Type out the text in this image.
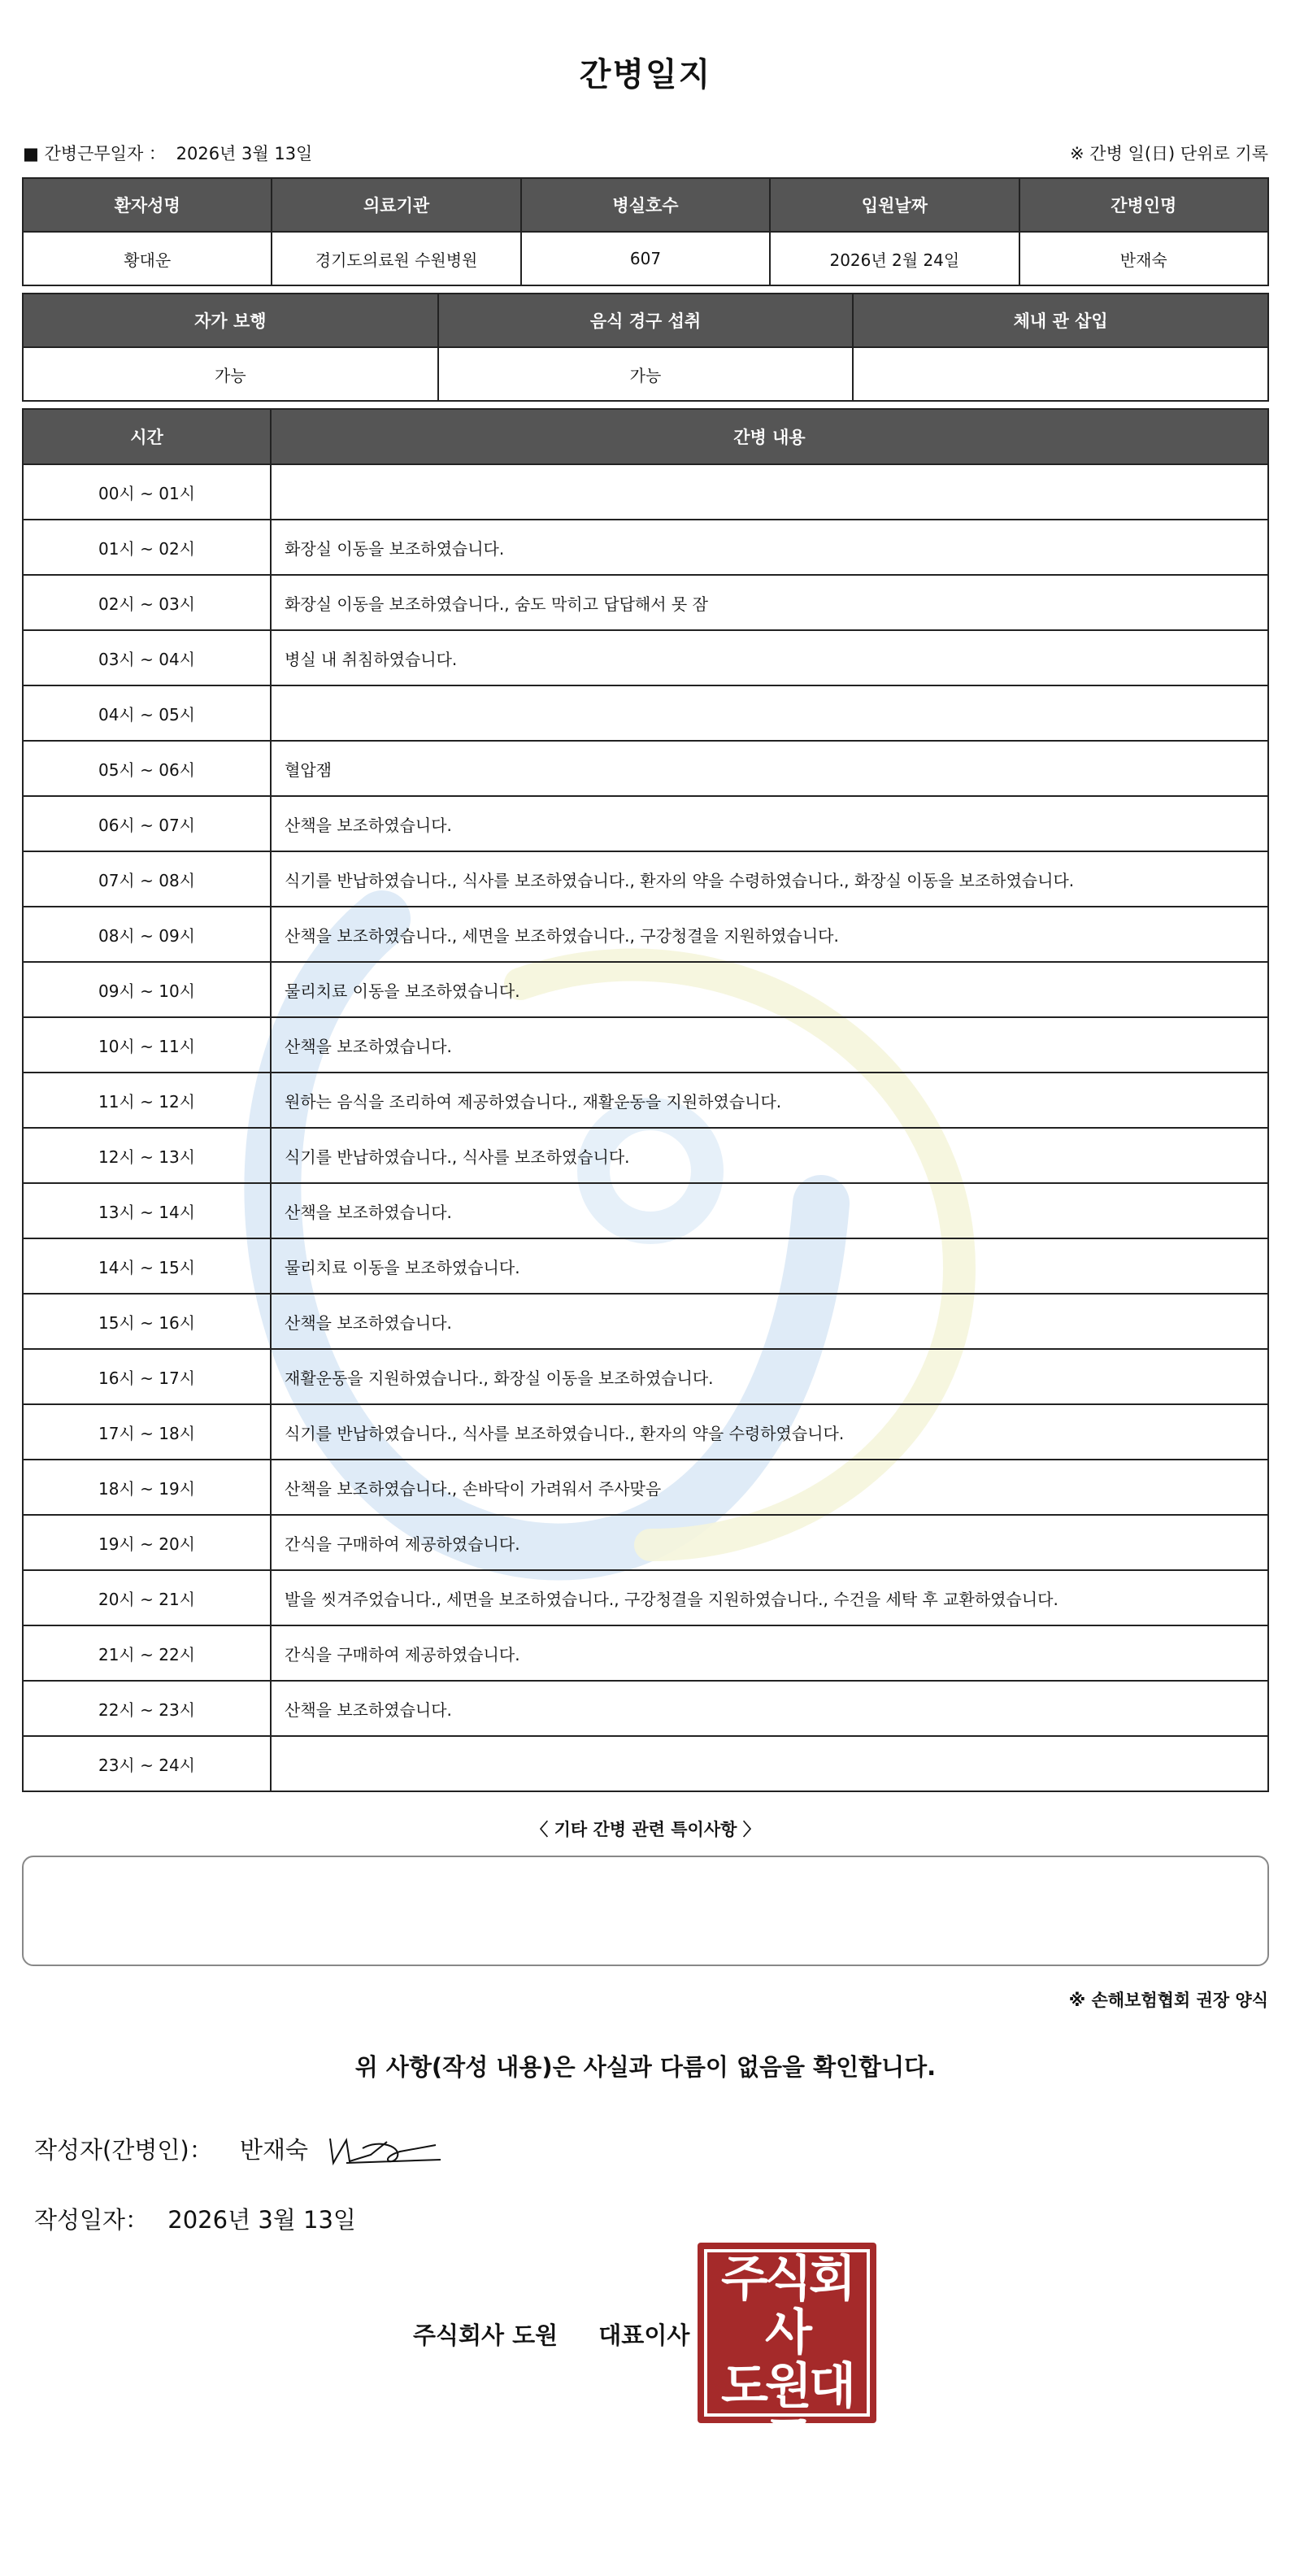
간병일지
■ 간병근무일자 ： 2026년 3월 13일	※ 간병 일(日) 단위로 기록
환자성명	의료기관	병실호수	입원날짜	간병인명
황대운	경기도의료원 수원병원	607	2026년 2월 24일	반재숙
자가 보행	음식 경구 섭취	체내 관 삽입
가능	가능	
시간	간병 내용
00시 ~ 01시	
01시 ~ 02시	화장실 이동을 보조하였습니다.
02시 ~ 03시	화장실 이동을 보조하였습니다., 숨도 막히고 답답해서 못 잠
03시 ~ 04시	병실 내 취침하였습니다.
04시 ~ 05시	
05시 ~ 06시	혈압잼
06시 ~ 07시	산책을 보조하였습니다.
07시 ~ 08시	식기를 반납하였습니다., 식사를 보조하였습니다., 환자의 약을 수령하였습니다., 화장실 이동을 보조하였습니다.
08시 ~ 09시	산책을 보조하였습니다., 세면을 보조하였습니다., 구강청결을 지원하였습니다.
09시 ~ 10시	물리치료 이동을 보조하였습니다.
10시 ~ 11시	산책을 보조하였습니다.
11시 ~ 12시	원하는 음식을 조리하여 제공하였습니다., 재활운동을 지원하였습니다.
12시 ~ 13시	식기를 반납하였습니다., 식사를 보조하였습니다.
13시 ~ 14시	산책을 보조하였습니다.
14시 ~ 15시	물리치료 이동을 보조하였습니다.
15시 ~ 16시	산책을 보조하였습니다.
16시 ~ 17시	재활운동을 지원하였습니다., 화장실 이동을 보조하였습니다.
17시 ~ 18시	식기를 반납하였습니다., 식사를 보조하였습니다., 환자의 약을 수령하였습니다.
18시 ~ 19시	산책을 보조하였습니다., 손바닥이 가려워서 주사맞음
19시 ~ 20시	간식을 구매하여 제공하였습니다.
20시 ~ 21시	발을 씻겨주었습니다., 세면을 보조하였습니다., 구강청결을 지원하였습니다., 수건을 세탁 후 교환하였습니다.
21시 ~ 22시	간식을 구매하여 제공하였습니다.
22시 ~ 23시	산책을 보조하였습니다.
23시 ~ 24시	
〈 기타 간병 관련 특이사항 〉
※ 손해보험협회 권장 양식
위 사항(작성 내용)은 사실과 다름이 없음을 확인합니다.
작성자(간병인)： 반재숙
작성일자： 2026년 3월 13일
주식회사 도원 대표이사
주식회사
도원대표
이사의인
